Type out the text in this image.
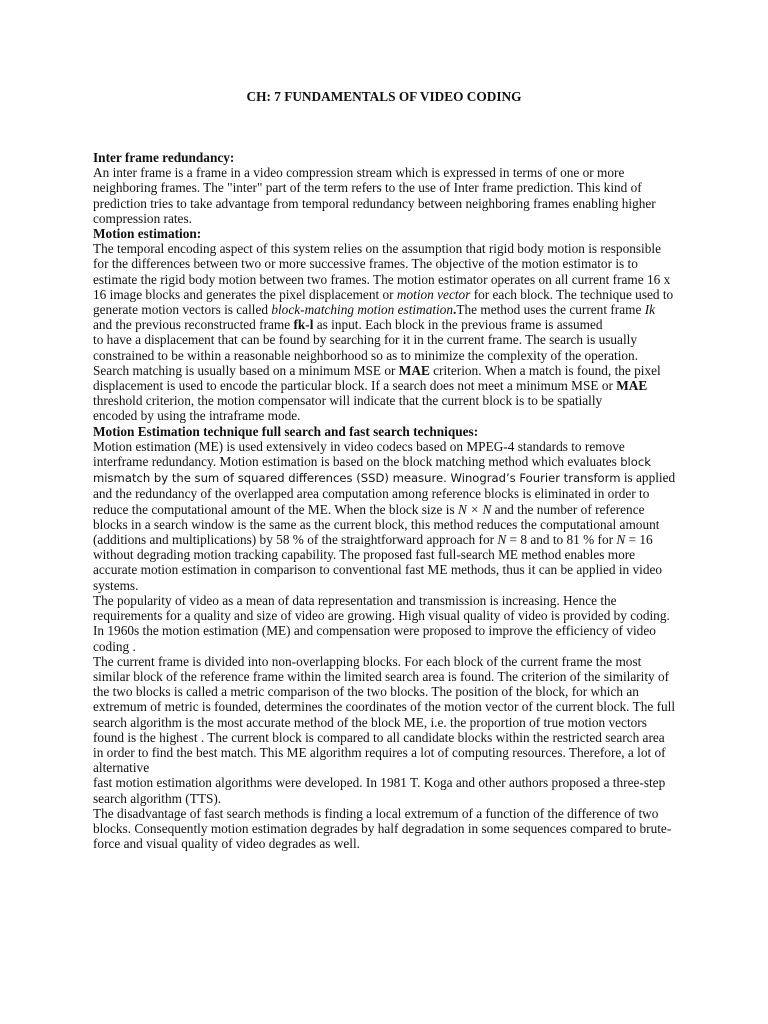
CH: 7 FUNDAMENTALS OF VIDEO CODING

Inter frame redundancy:

An inter frame is a frame in a video compression stream which is expressed in terms of one or more neighboring frames. The "inter" part of the term refers to the use of Inter frame prediction. This kind of prediction tries to take advantage from temporal redundancy between neighboring frames enabling higher compression rates.

Motion estimation:

The temporal encoding aspect of this system relies on the assumption that rigid body motion is responsible for the differences between two or more successive frames. The objective of the motion estimator is to estimate the rigid body motion between two frames. The motion estimator operates on all current frame 16 x 16 image blocks and generates the pixel displacement or motion vector for each block. The technique used to generate motion vectors is called block-matching motion estimation.The method uses the current frame Ik and the previous reconstructed frame fk-l as input. Each block in the previous frame is assumed

to have a displacement that can be found by searching for it in the current frame. The search is usually constrained to be within a reasonable neighborhood so as to minimize the complexity of the operation. Search matching is usually based on a minimum MSE or MAE criterion. When a match is found, the pixel displacement is used to encode the particular block. If a search does not meet a minimum MSE or MAE threshold criterion, the motion compensator will indicate that the current block is to be spatially

encoded by using the intraframe mode.

Motion Estimation technique full search and fast search techniques:

Motion estimation (ME) is used extensively in video codecs based on MPEG-4 standards to remove interframe redundancy. Motion estimation is based on the block matching method which evaluates block mismatch by the sum of squared differences (SSD) measure. Winograd’s Fourier transform is applied and the redundancy of the overlapped area computation among reference blocks is eliminated in order to reduce the computational amount of the ME. When the block size is N × N and the number of reference blocks in a search window is the same as the current block, this method reduces the computational amount (additions and multiplications) by 58 % of the straightforward approach for N = 8 and to 81 % for N = 16 without degrading motion tracking capability. The proposed fast full-search ME method enables more accurate motion estimation in comparison to conventional fast ME methods, thus it can be applied in video systems.

The popularity of video as a mean of data representation and transmission is increasing. Hence the requirements for a quality and size of video are growing. High visual quality of video is provided by coding. In 1960s the motion estimation (ME) and compensation were proposed to improve the efficiency of video coding .

The current frame is divided into non-overlapping blocks. For each block of the current frame the most similar block of the reference frame within the limited search area is found. The criterion of the similarity of the two blocks is called a metric comparison of the two blocks. The position of the block, for which an extremum of metric is founded, determines the coordinates of the motion vector of the current block. The full search algorithm is the most accurate method of the block ME, i.e. the proportion of true motion vectors found is the highest . The current block is compared to all candidate blocks within the restricted search area in order to find the best match. This ME algorithm requires a lot of computing resources. Therefore, a lot of alternative

fast motion estimation algorithms were developed. In 1981 T. Koga and other authors proposed a three-step search algorithm (TTS).

The disadvantage of fast search methods is finding a local extremum of a function of the difference of two blocks. Consequently motion estimation degrades by half degradation in some sequences compared to brute-force and visual quality of video degrades as well.
